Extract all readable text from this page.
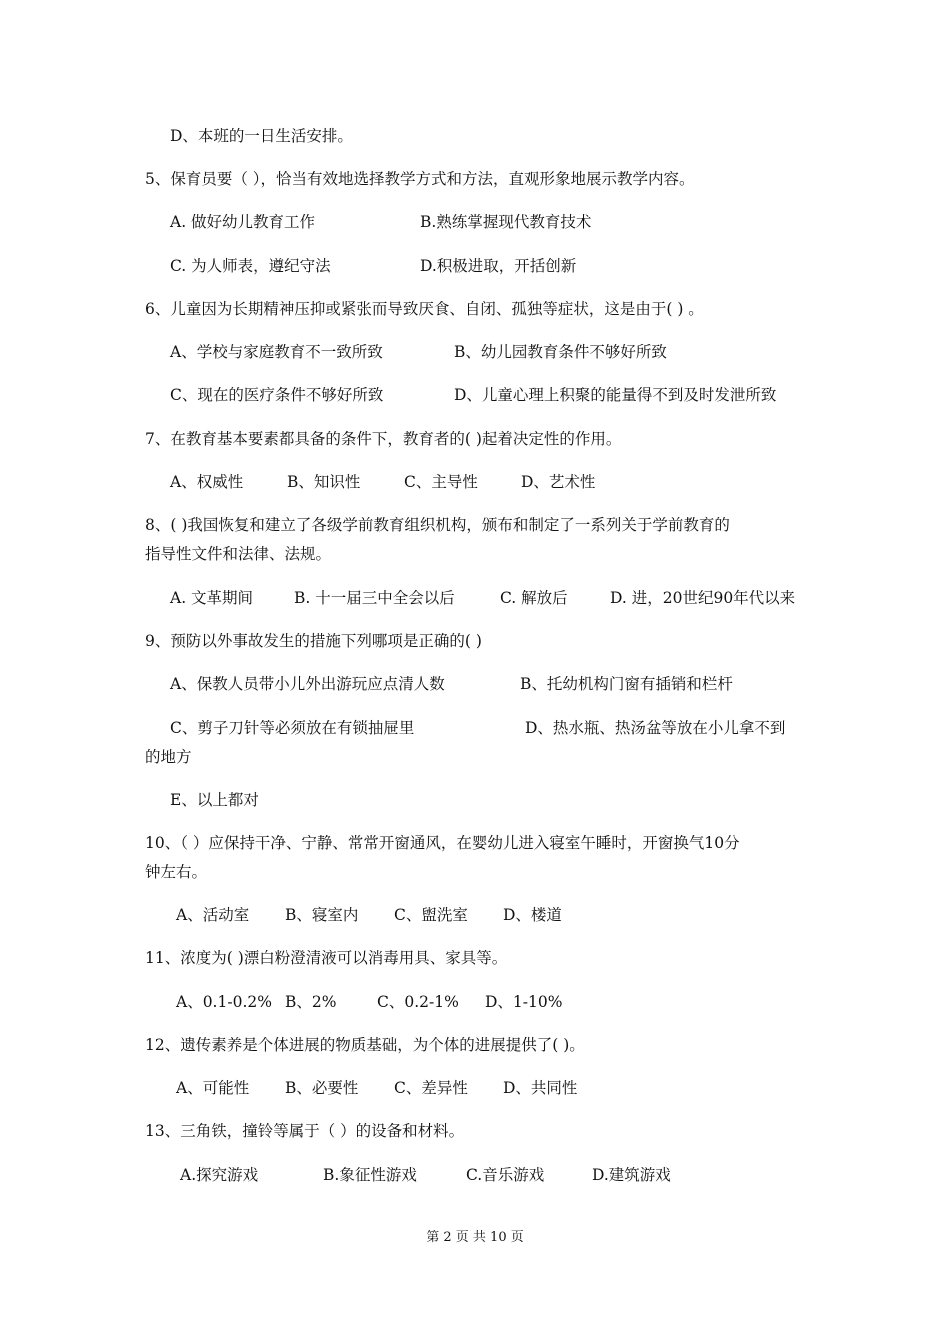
D、本班的一日生活安排。
5、保育员要（ ），恰当有效地选择教学方式和方法，直观形象地展示教学内容。
A. 做好幼儿教育工作	B.熟练掌握现代教育技术
C. 为人师表，遵纪守法	D.积极进取，开括创新
6、儿童因为长期精神压抑或紧张而导致厌食、自闭、孤独等症状，这是由于( ) 。
A、学校与家庭教育不一致所致	B、幼儿园教育条件不够好所致
C、现在的医疗条件不够好所致	D、儿童心理上积聚的能量得不到及时发泄所致
7、在教育基本要素都具备的条件下，教育者的( )起着决定性的作用。
A、权威性	B、知识性	C、主导性	D、艺术性
8、( )我国恢复和建立了各级学前教育组织机构，颁布和制定了一系列关于学前教育的
指导性文件和法律、法规。
A. 文革期间	B. 十一届三中全会以后	C. 解放后	D. 进，20世纪90年代以来
9、预防以外事故发生的措施下列哪项是正确的( )
A、保教人员带小儿外出游玩应点清人数	B、托幼机构门窗有插销和栏杆
C、剪子刀针等必须放在有锁抽屉里	D、热水瓶、热汤盆等放在小儿拿不到
的地方
E、以上都对
10、（ ）应保持干净、宁静、常常开窗通风，在婴幼儿进入寝室午睡时，开窗换气10分
钟左右。
A、活动室	B、寝室内	C、盥洗室	D、楼道
11、浓度为( )漂白粉澄清液可以消毒用具、家具等。
A、0.1-0.2% B、2%	C、0.2-1%	D、1-10%
12、遗传素养是个体进展的物质基础，为个体的进展提供了( )。
A、可能性	B、必要性	C、差异性	D、共同性
13、三角铁，撞铃等属于（ ）的设备和材料。
A.探究游戏	B.象征性游戏	C.音乐游戏	D.建筑游戏
第 2 页 共 10 页
